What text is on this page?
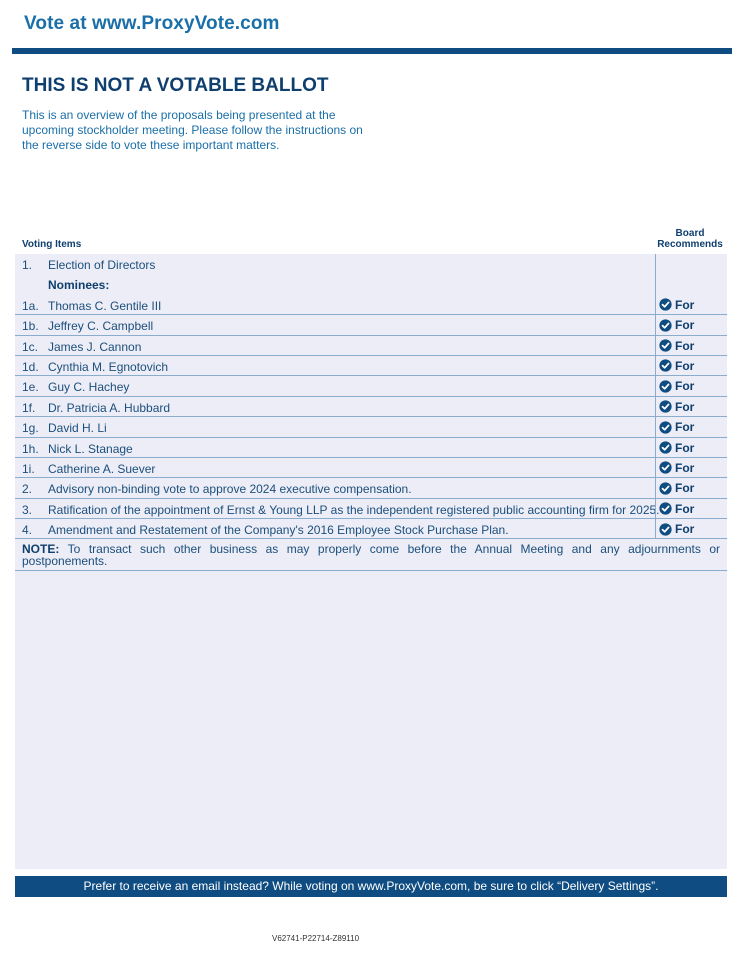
Vote at www.ProxyVote.com
THIS IS NOT A VOTABLE BALLOT

This is an overview of the proposals being presented at the upcoming stockholder meeting. Please follow the instructions on the reverse side to vote these important matters.

Voting Items
Board
Recommends
1. Election of Directors
Nominees:
1a. Thomas C. Gentile III	For
1b. Jeffrey C. Campbell	For
1c. James J. Cannon	For
1d. Cynthia M. Egnotovich	For
1e. Guy C. Hachey	For
1f. Dr. Patricia A. Hubbard	For
1g. David H. Li	For
1h. Nick L. Stanage	For
1i. Catherine A. Suever	For
2. Advisory non-binding vote to approve 2024 executive compensation.	For
3. Ratification of the appointment of Ernst & Young LLP as the independent registered public accounting firm for 2025. For
4. Amendment and Restatement of the Company's 2016 Employee Stock Purchase Plan.	For
NOTE: To transact such other business as may properly come before the Annual Meeting and any adjournments or postponements.
Prefer to receive an email instead? While voting on www.ProxyVote.com, be sure to click “Delivery Settings”.
V62741-P22714-Z89110
